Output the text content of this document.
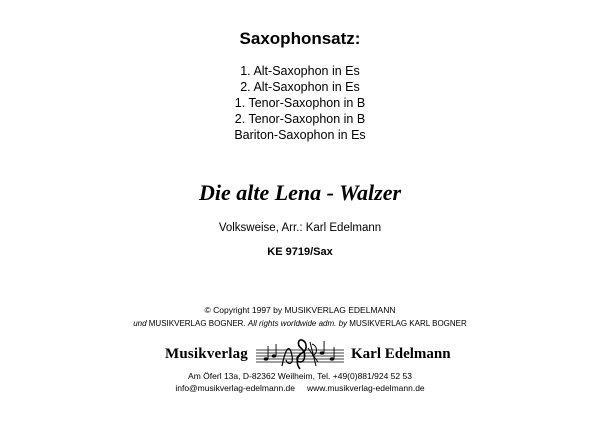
Saxophonsatz:
1. Alt-Saxophon in Es
2. Alt-Saxophon in Es
1. Tenor-Saxophon in B
2. Tenor-Saxophon in B
Bariton-Saxophon in Es
Die alte Lena - Walzer
Volksweise, Arr.: Karl Edelmann
KE 9719/Sax
© Copyright 1997 by MUSIKVERLAG EDELMANN
und MUSIKVERLAG BOGNER. All rights worldwide adm. by MUSIKVERLAG KARL BOGNER
Musikverlag	Karl Edelmann
Am Öferl 13a, D-82362 Weilheim, Tel. +49(0)881/924 52 53
info@musikverlag-edelmann.de www.musikverlag-edelmann.de
